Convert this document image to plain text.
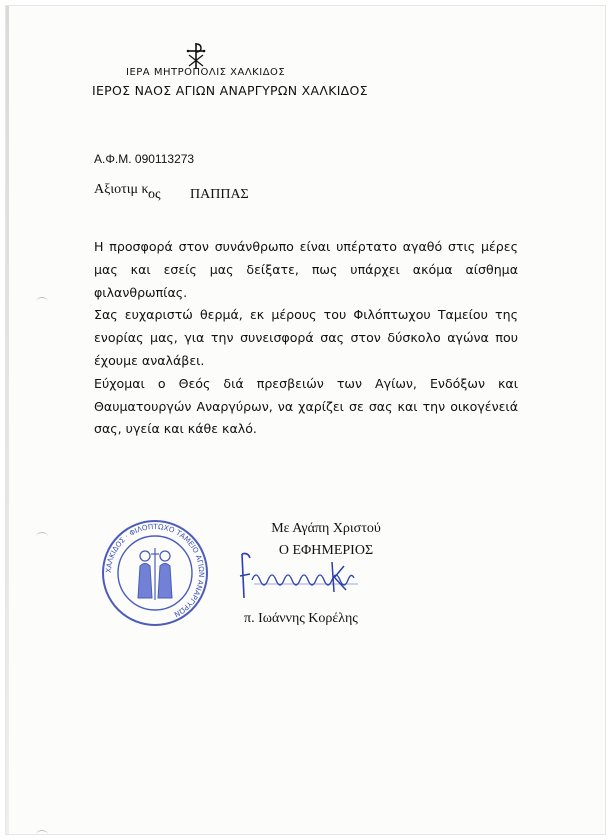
ΙΕΡΑ ΜΗΤΡΟΠΟΛΙΣ ΧΑΛΚΙΔΟΣ
ΙΕΡΟΣ ΝΑΟΣ ΑΓΙΩΝ ΑΝΑΡΓΥΡΩΝ ΧΑΛΚΙΔΟΣ
Α.Φ.Μ. 090113273
Αξιοτιμ κ.
ος ΠΑΠΠΑΣ

Η προσφορά στον συνάνθρωπο είναι υπέρτατο αγαθό στις μέρες μας και εσείς μας δείξατε, πως υπάρχει ακόμα αίσθημα φιλανθρωπίας.

Σας ευχαριστώ θερμά, εκ μέρους του Φιλόπτωχου Ταμείου της ενορίας μας, για την συνεισφορά σας στον δύσκολο αγώνα που έχουμε αναλάβει.

Εύχομαι ο Θεός διά πρεσβειών των Αγίων, Ενδόξων και Θαυματουργών Αναργύρων, να χαρίζει σε σας και την οικογένειά σας, υγεία και κάθε καλό.

ΧΑΛΚΙΔΟΣ · ΦΙΛΟΠΤΩΧΟ ΤΑΜΕΙΟ ΑΓΙΩΝ ΑΝΑΡΓΥΡΩΝ
Με Αγάπη Χριστού
Ο ΕΦΗΜΕΡΙΟΣ
π. Ιωάννης Κορέλης
